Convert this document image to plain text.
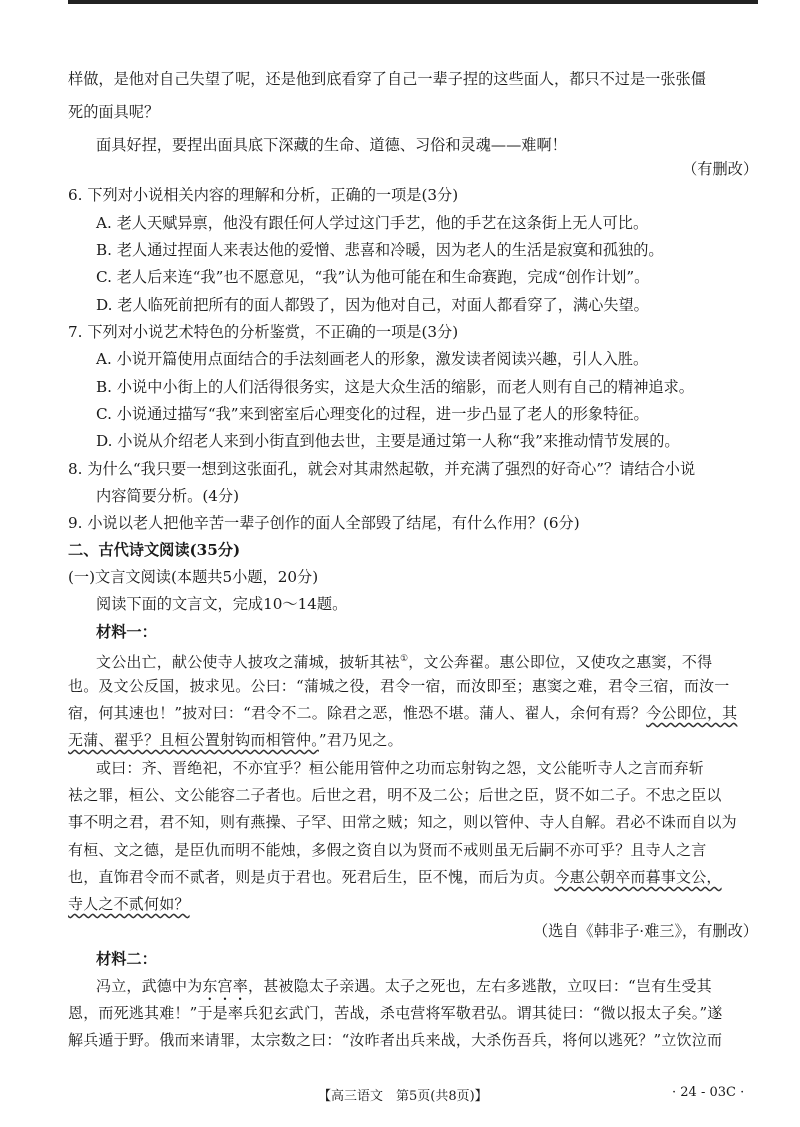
样做，是他对自己失望了呢，还是他到底看穿了自己一辈子捏的这些面人，都只不过是一张张僵
死的面具呢？
面具好捏，要捏出面具底下深藏的生命、道德、习俗和灵魂——难啊！
（有删改）
6. 下列对小说相关内容的理解和分析，正确的一项是(3分)
A. 老人天赋异禀，他没有跟任何人学过这门手艺，他的手艺在这条街上无人可比。
B. 老人通过捏面人来表达他的爱憎、悲喜和冷暖，因为老人的生活是寂寞和孤独的。
C. 老人后来连“我”也不愿意见，“我”认为他可能在和生命赛跑，完成“创作计划”。
D. 老人临死前把所有的面人都毁了，因为他对自己，对面人都看穿了，满心失望。
7. 下列对小说艺术特色的分析鉴赏，不正确的一项是(3分)
A. 小说开篇使用点面结合的手法刻画老人的形象，激发读者阅读兴趣，引人入胜。
B. 小说中小街上的人们活得很务实，这是大众生活的缩影，而老人则有自己的精神追求。
C. 小说通过描写“我”来到密室后心理变化的过程，进一步凸显了老人的形象特征。
D. 小说从介绍老人来到小街直到他去世，主要是通过第一人称“我”来推动情节发展的。
8. 为什么“我只要一想到这张面孔，就会对其肃然起敬，并充满了强烈的好奇心”？请结合小说
内容简要分析。(4分)
9. 小说以老人把他辛苦一辈子创作的面人全部毁了结尾，有什么作用？(6分)
二、古代诗文阅读(35分)
(一)文言文阅读(本题共5小题，20分)
阅读下面的文言文，完成10～14题。
材料一：
文公出亡，献公使寺人披攻之蒲城，披斩其袪①，文公奔翟。惠公即位，又使攻之惠窦，不得
也。及文公反国，披求见。公曰：“蒲城之役，君令一宿，而汝即至；惠窦之难，君令三宿，而汝一
宿，何其速也！”披对曰：“君令不二。除君之恶，惟恐不堪。蒲人、翟人，余何有焉？今公即位，其
无蒲、翟乎？且桓公置射钩而相管仲。”君乃见之。
或曰：齐、晋绝祀，不亦宜乎？桓公能用管仲之功而忘射钩之怨，文公能听寺人之言而弃斩
袪之罪，桓公、文公能容二子者也。后世之君，明不及二公；后世之臣，贤不如二子。不忠之臣以
事不明之君，君不知，则有燕操、子罕、田常之贼；知之，则以管仲、寺人自解。君必不诛而自以为
有桓、文之德，是臣仇而明不能烛，多假之资自以为贤而不戒则虽无后嗣不亦可乎？且寺人之言
也，直饰君令而不贰者，则是贞于君也。死君后生，臣不愧，而后为贞。今惠公朝卒而暮事文公，
寺人之不贰何如？
（选自《韩非子·难三》，有删改）
材料二：
冯立，武德中为东宫率，甚被隐太子亲遇。太子之死也，左右多逃散，立叹曰：“岂有生受其
恩，而死逃其难！”于是率兵犯玄武门，苦战，杀屯营将军敬君弘。谓其徒曰：“微以报太子矣。”遂
解兵遁于野。俄而来请罪，太宗数之曰：“汝昨者出兵来战，大杀伤吾兵，将何以逃死？”立饮泣而
【高三语文　第5页(共8页)】	· 24 - 03C ·
